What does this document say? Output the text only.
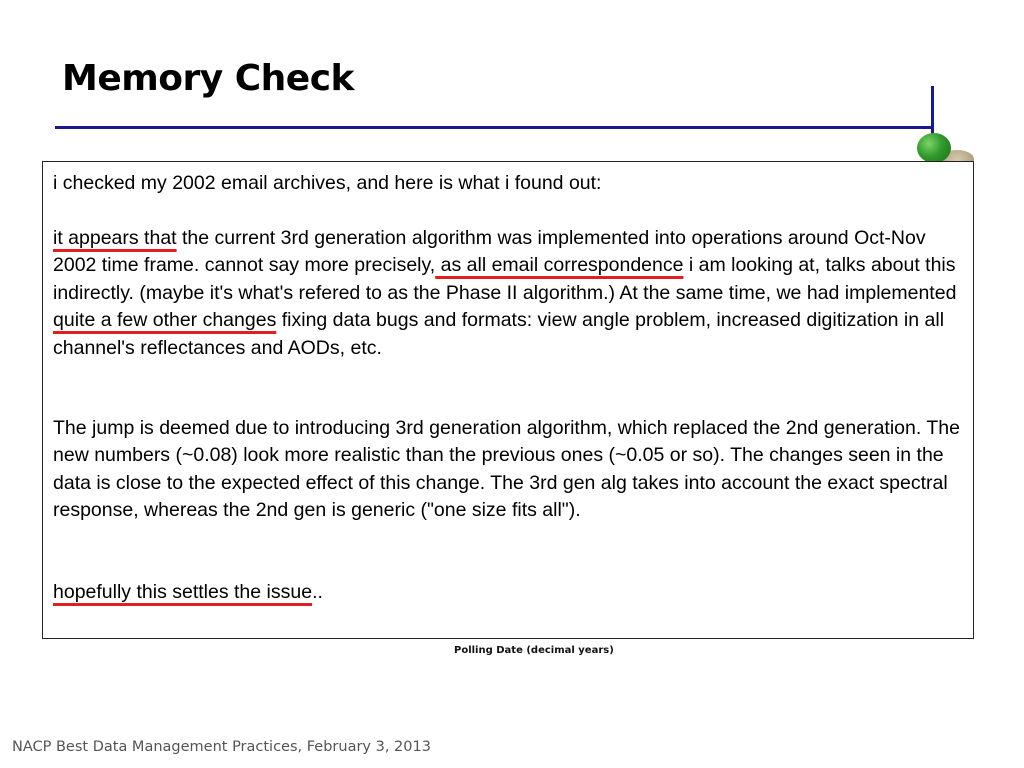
Memory Check
i checked my 2002 email archives, and here is what i found out:
it appears that the current 3rd generation algorithm was implemented into operations around Oct-Nov 2002 time frame. cannot say more precisely, as all email correspondence i am looking at, talks about this indirectly. (maybe it's what's refered to as the Phase II algorithm.) At the same time, we had implemented quite a few other changes fixing data bugs and formats: view angle problem, increased digitization in all channel's reflectances and AODs, etc.
The jump is deemed due to introducing 3rd generation algorithm, which replaced the 2nd generation. The new numbers (~0.08) look more realistic than the previous ones (~0.05 or so). The changes seen in the data is close to the expected effect of this change. The 3rd gen alg takes into account the exact spectral response, whereas the 2nd gen is generic ("one size fits all").
hopefully this settles the issue..
Polling Date (decimal years)
NACP Best Data Management Practices, February 3, 2013
